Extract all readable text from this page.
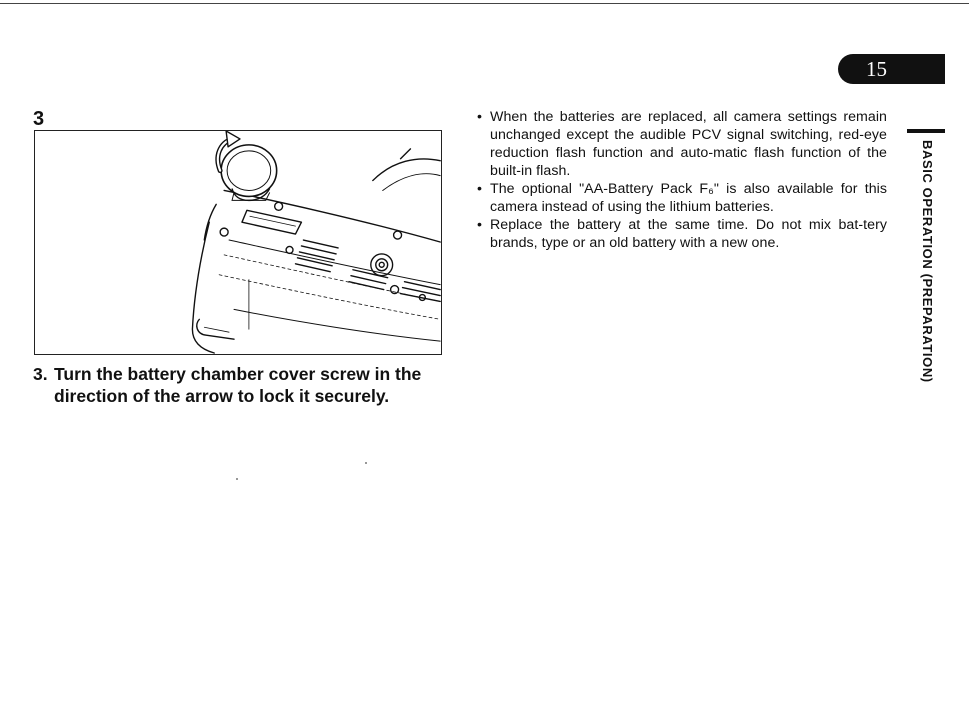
15
3
3. Turn the battery chamber cover screw in the
direction of the arrow to lock it securely.
• When the batteries are replaced, all camera settings remain unchanged except the audible PCV signal switching, red-eye reduction flash function and auto-matic flash function of the built-in flash.

• The optional "AA-Battery Pack F₆" is also available for this camera instead of using the lithium batteries.

• Replace the battery at the same time. Do not mix bat-tery brands, type or an old battery with a new one.	BASIC OPERATION (PREPARATION)
